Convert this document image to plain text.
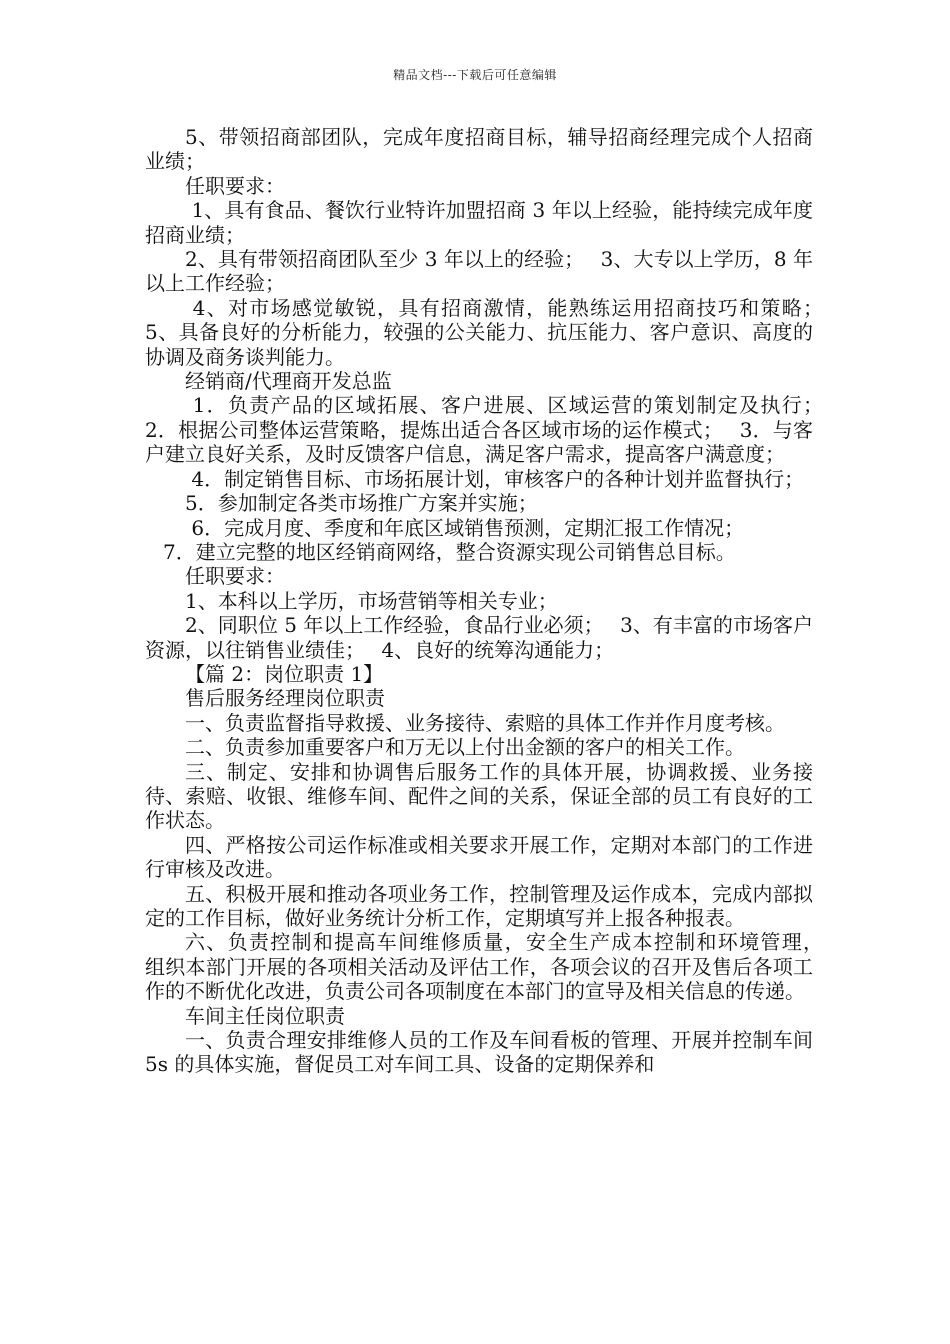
精品文档---下载后可任意编辑

5、带领招商部团队，完成年度招商目标，辅导招商经理完成个人招商业绩；

任职要求：

1、具有食品、餐饮行业特许加盟招商 3 年以上经验，能持续完成年度招商业绩；

2、具有带领招商团队至少 3 年以上的经验；　 3、大专以上学历，8 年以上工作经验；

4、对市场感觉敏锐，具有招商激情，能熟练运用招商技巧和策略；　 5、具备良好的分析能力，较强的公关能力、抗压能力、客户意识、高度的协调及商务谈判能力。

经销商/代理商开发总监

1．负责产品的区域拓展、客户进展、区域运营的策划制定及执行；　 2．根据公司整体运营策略，提炼出适合各区域市场的运作模式；　 3．与客户建立良好关系，及时反馈客户信息，满足客户需求，提高客户满意度；

4．制定销售目标、市场拓展计划，审核客户的各种计划并监督执行；

5．参加制定各类市场推广方案并实施；

6．完成月度、季度和年底区域销售预测，定期汇报工作情况；

7．建立完整的地区经销商网络，整合资源实现公司销售总目标。

任职要求：

1、本科以上学历，市场营销等相关专业；

2、同职位 5 年以上工作经验，食品行业必须；　 3、有丰富的市场客户资源，以往销售业绩佳；　 4、良好的统筹沟通能力；

【篇 2：岗位职责 1】

售后服务经理岗位职责

一、负责监督指导救援、业务接待、索赔的具体工作并作月度考核。

二、负责参加重要客户和万无以上付出金额的客户的相关工作。

三、制定、安排和协调售后服务工作的具体开展，协调救援、业务接待、索赔、收银、维修车间、配件之间的关系，保证全部的员工有良好的工作状态。

四、严格按公司运作标准或相关要求开展工作，定期对本部门的工作进行审核及改进。

五、积极开展和推动各项业务工作，控制管理及运作成本，完成内部拟定的工作目标，做好业务统计分析工作，定期填写并上报各种报表。

六、负责控制和提高车间维修质量，安全生产成本控制和环境管理，　组织本部门开展的各项相关活动及评估工作，各项会议的召开及售后各项工作的不断优化改进，负责公司各项制度在本部门的宣导及相关信息的传递。

车间主任岗位职责

一、负责合理安排维修人员的工作及车间看板的管理、开展并控制车间 5s 的具体实施，督促员工对车间工具、设备的定期保养和
